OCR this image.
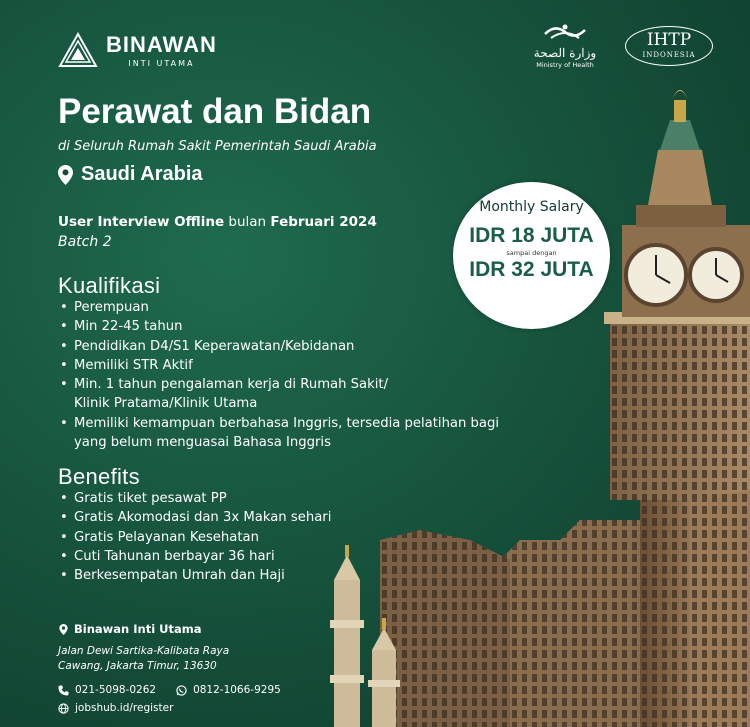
BINAWAN
INTI UTAMA
وزارة الصحة
Ministry of Health
IHTP
INDONESIA
Perawat dan Bidan
di Seluruh Rumah Sakit Pemerintah Saudi Arabia
Saudi Arabia
User Interview Offline bulan Februari 2024
Batch 2
Monthly Salary
IDR 18 JUTA
sampai dengan
IDR 32 JUTA
Kualifikasi
• Perempuan
• Min 22-45 tahun
• Pendidikan D4/S1 Keperawatan/Kebidanan
• Memiliki STR Aktif
• Min. 1 tahun pengalaman kerja di Rumah Sakit/ Klinik Pratama/Klinik Utama
• Memiliki kemampuan berbahasa Inggris, tersedia pelatihan bagi yang belum menguasai Bahasa Inggris
Benefits
• Gratis tiket pesawat PP
• Gratis Akomodasi dan 3x Makan sehari
• Gratis Pelayanan Kesehatan
• Cuti Tahunan berbayar 36 hari
• Berkesempatan Umrah dan Haji
Binawan Inti Utama
Jalan Dewi Sartika-Kalibata Raya
Cawang, Jakarta Timur, 13630
021-5098-0262	0812-1066-9295
jobshub.id/register
